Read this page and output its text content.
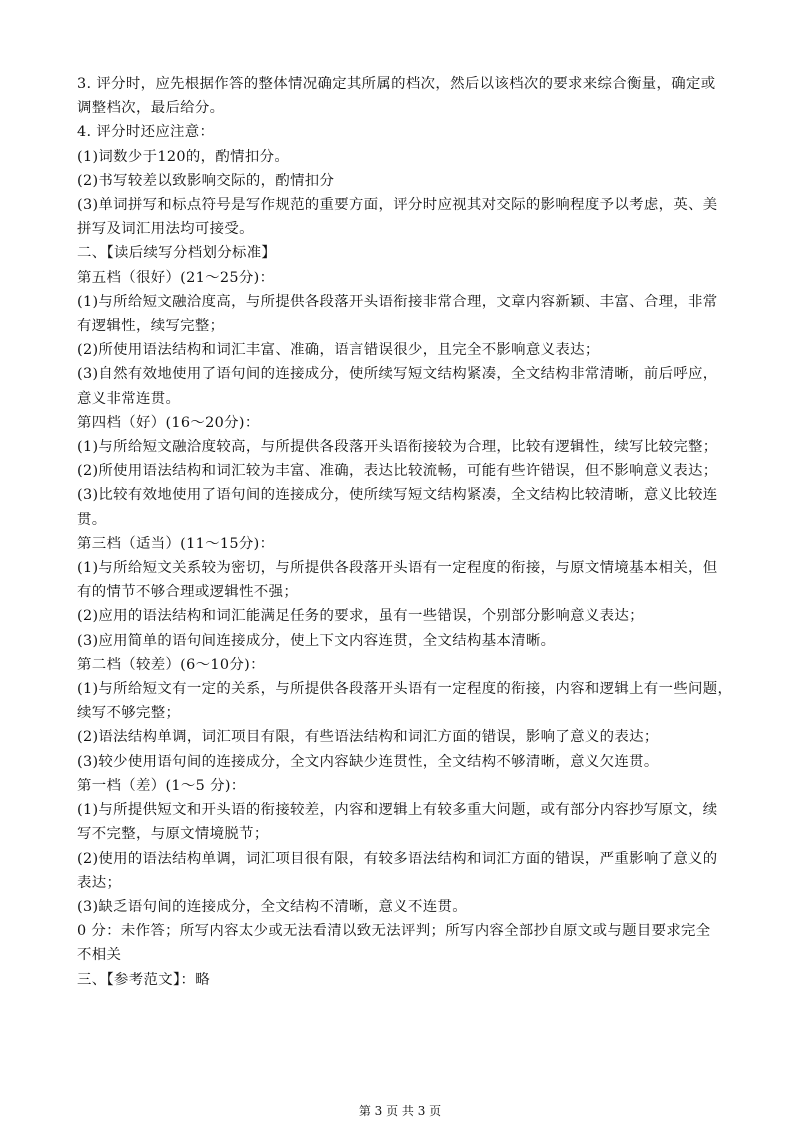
3. 评分时，应先根据作答的整体情况确定其所属的档次，然后以该档次的要求来综合衡量，确定或
调整档次，最后给分。
4. 评分时还应注意：
(1)词数少于120的，酌情扣分。
(2)书写较差以致影响交际的，酌情扣分
(3)单词拼写和标点符号是写作规范的重要方面，评分时应视其对交际的影响程度予以考虑，英、美
拼写及词汇用法均可接受。
二、【读后续写分档划分标准】
第五档（很好）(21～25分)：
(1)与所给短文融洽度高，与所提供各段落开头语衔接非常合理，文章内容新颖、丰富、合理，非常
有逻辑性，续写完整；
(2)所使用语法结构和词汇丰富、准确，语言错误很少，且完全不影响意义表达；
(3)自然有效地使用了语句间的连接成分，使所续写短文结构紧凑，全文结构非常清晰，前后呼应，
意义非常连贯。
第四档（好）(16～20分)：
(1)与所给短文融洽度较高，与所提供各段落开头语衔接较为合理，比较有逻辑性，续写比较完整；
(2)所使用语法结构和词汇较为丰富、准确，表达比较流畅，可能有些许错误，但不影响意义表达；
(3)比较有效地使用了语句间的连接成分，使所续写短文结构紧凑，全文结构比较清晰，意义比较连
贯。
第三档（适当）(11～15分)：
(1)与所给短文关系较为密切，与所提供各段落开头语有一定程度的衔接，与原文情境基本相关，但
有的情节不够合理或逻辑性不强；
(2)应用的语法结构和词汇能满足任务的要求，虽有一些错误，个别部分影响意义表达；
(3)应用简单的语句间连接成分，使上下文内容连贯，全文结构基本清晰。
第二档（较差）(6～10分)：
(1)与所给短文有一定的关系，与所提供各段落开头语有一定程度的衔接，内容和逻辑上有一些问题，
续写不够完整；
(2)语法结构单调，词汇项目有限，有些语法结构和词汇方面的错误，影响了意义的表达；
(3)较少使用语句间的连接成分，全文内容缺少连贯性，全文结构不够清晰，意义欠连贯。
第一档（差）(1～5 分)：
(1)与所提供短文和开头语的衔接较差，内容和逻辑上有较多重大问题，或有部分内容抄写原文，续
写不完整，与原文情境脱节；
(2)使用的语法结构单调，词汇项目很有限，有较多语法结构和词汇方面的错误，严重影响了意义的
表达；
(3)缺乏语句间的连接成分，全文结构不清晰，意义不连贯。
0 分：未作答；所写内容太少或无法看清以致无法评判；所写内容全部抄自原文或与题目要求完全
不相关
三、【参考范文】：略
第 3 页 共 3 页
